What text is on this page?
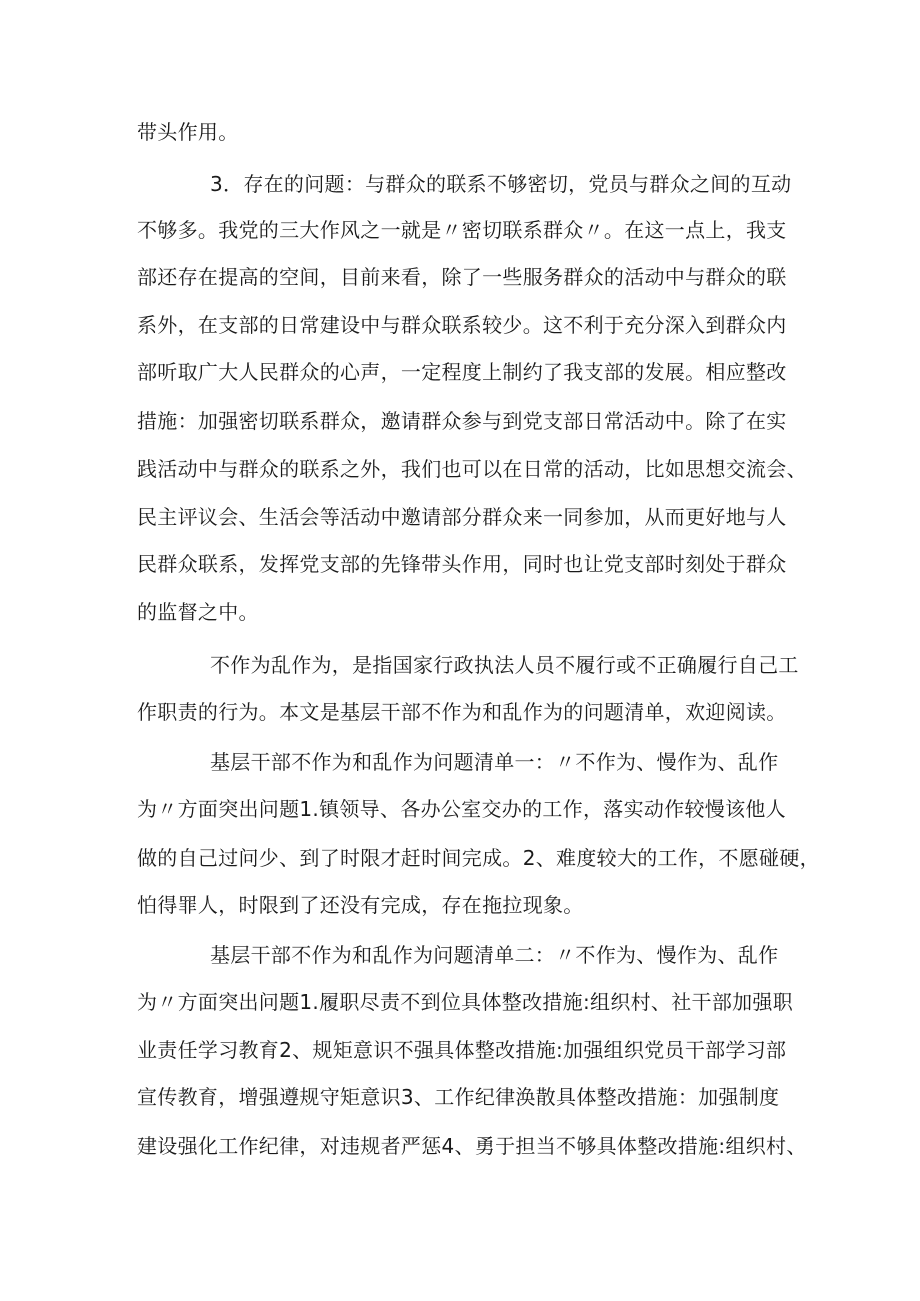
带头作用。

3．存在的问题：与群众的联系不够密切，党员与群众之间的互动

不够多。我党的三大作风之一就是〃密切联系群众〃。在这一点上，我支

部还存在提高的空间，目前来看，除了一些服务群众的活动中与群众的联

系外，在支部的日常建设中与群众联系较少。这不利于充分深入到群众内

部听取广大人民群众的心声，一定程度上制约了我支部的发展。相应整改

措施：加强密切联系群众，邀请群众参与到党支部日常活动中。除了在实

践活动中与群众的联系之外，我们也可以在日常的活动，比如思想交流会、

民主评议会、生活会等活动中邀请部分群众来一同参加，从而更好地与人

民群众联系，发挥党支部的先锋带头作用，同时也让党支部时刻处于群众

的监督之中。

不作为乱作为，是指国家行政执法人员不履行或不正确履行自己工

作职责的行为。本文是基层干部不作为和乱作为的问题清单，欢迎阅读。

基层干部不作为和乱作为问题清单一：〃不作为、慢作为、乱作

为〃方面突出问题1.镇领导、各办公室交办的工作，落实动作较慢该他人

做的自己过问少、到了时限才赶时间完成。2、难度较大的工作，不愿碰硬，

怕得罪人，时限到了还没有完成，存在拖拉现象。

基层干部不作为和乱作为问题清单二：〃不作为、慢作为、乱作

为〃方面突出问题1.履职尽责不到位具体整改措施:组织村、社干部加强职

业责任学习教育2、规矩意识不强具体整改措施:加强组织党员干部学习部

宣传教育，增强遵规守矩意识3、工作纪律涣散具体整改措施：加强制度

建设强化工作纪律，对违规者严惩4、勇于担当不够具体整改措施:组织村、
